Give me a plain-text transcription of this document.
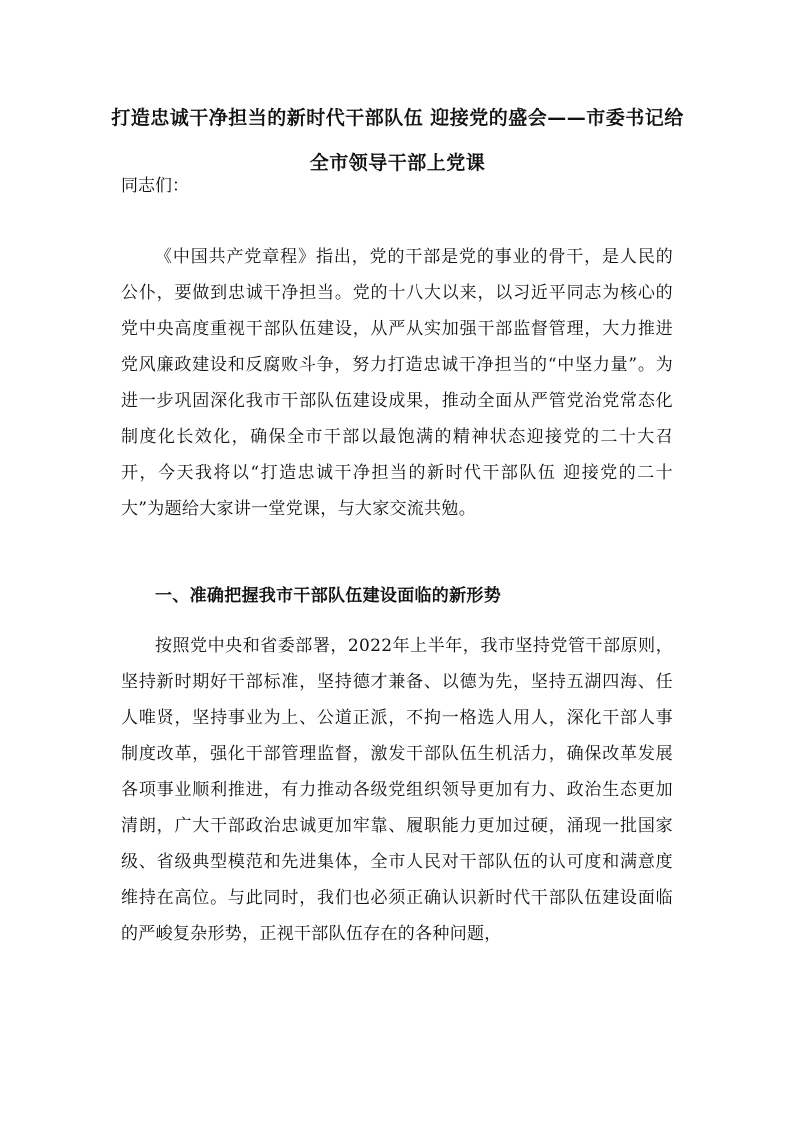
打造忠诚干净担当的新时代干部队伍 迎接党的盛会——市委书记给全市领导干部上党课

同志们：

《中国共产党章程》指出，党的干部是党的事业的骨干，是人民的公仆，要做到忠诚干净担当。党的十八大以来，以习近平同志为核心的党中央高度重视干部队伍建设，从严从实加强干部监督管理，大力推进党风廉政建设和反腐败斗争，努力打造忠诚干净担当的“中坚力量”。为进一步巩固深化我市干部队伍建设成果，推动全面从严管党治党常态化制度化长效化，确保全市干部以最饱满的精神状态迎接党的二十大召开，今天我将以“打造忠诚干净担当的新时代干部队伍 迎接党的二十大”为题给大家讲一堂党课，与大家交流共勉。

一、准确把握我市干部队伍建设面临的新形势

按照党中央和省委部署，2022年上半年，我市坚持党管干部原则，坚持新时期好干部标准，坚持德才兼备、以德为先，坚持五湖四海、任人唯贤，坚持事业为上、公道正派，不拘一格选人用人，深化干部人事制度改革，强化干部管理监督，激发干部队伍生机活力，确保改革发展各项事业顺利推进，有力推动各级党组织领导更加有力、政治生态更加清朗，广大干部政治忠诚更加牢靠、履职能力更加过硬，涌现一批国家级、省级典型模范和先进集体，全市人民对干部队伍的认可度和满意度维持在高位。与此同时，我们也必须正确认识新时代干部队伍建设面临的严峻复杂形势，正视干部队伍存在的各种问题，
